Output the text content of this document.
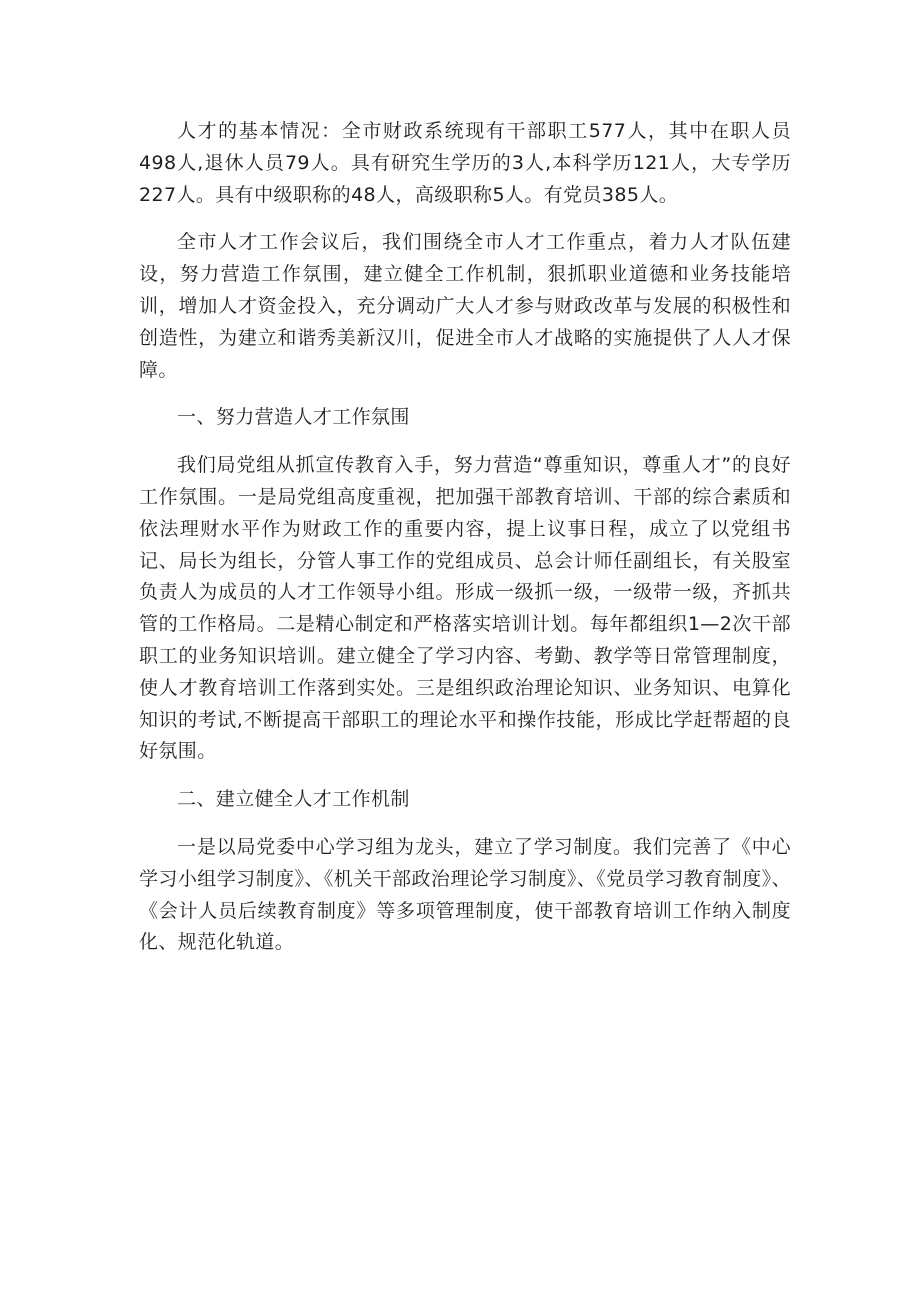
人才的基本情况：全市财政系统现有干部职工577人，其中在职人员498人,退休人员79人。具有研究生学历的3人,本科学历121人，大专学历227人。具有中级职称的48人，高级职称5人。有党员385人。

全市人才工作会议后，我们围绕全市人才工作重点，着力人才队伍建设，努力营造工作氛围，建立健全工作机制，狠抓职业道德和业务技能培训，增加人才资金投入，充分调动广大人才参与财政改革与发展的积极性和创造性，为建立和谐秀美新汉川，促进全市人才战略的实施提供了人人才保障。

一、努力营造人才工作氛围

我们局党组从抓宣传教育入手，努力营造“尊重知识，尊重人才”的良好工作氛围。一是局党组高度重视，把加强干部教育培训、干部的综合素质和依法理财水平作为财政工作的重要内容，提上议事日程，成立了以党组书记、局长为组长，分管人事工作的党组成员、总会计师任副组长，有关股室负责人为成员的人才工作领导小组。形成一级抓一级，一级带一级，齐抓共管的工作格局。二是精心制定和严格落实培训计划。每年都组织1—2次干部职工的业务知识培训。建立健全了学习内容、考勤、教学等日常管理制度，使人才教育培训工作落到实处。三是组织政治理论知识、业务知识、电算化知识的考试,不断提高干部职工的理论水平和操作技能，形成比学赶帮超的良好氛围。

二、建立健全人才工作机制

一是以局党委中心学习组为龙头，建立了学习制度。我们完善了《中心学习小组学习制度》、《机关干部政治理论学习制度》、《党员学习教育制度》、《会计人员后续教育制度》等多项管理制度，使干部教育培训工作纳入制度化、规范化轨道。
